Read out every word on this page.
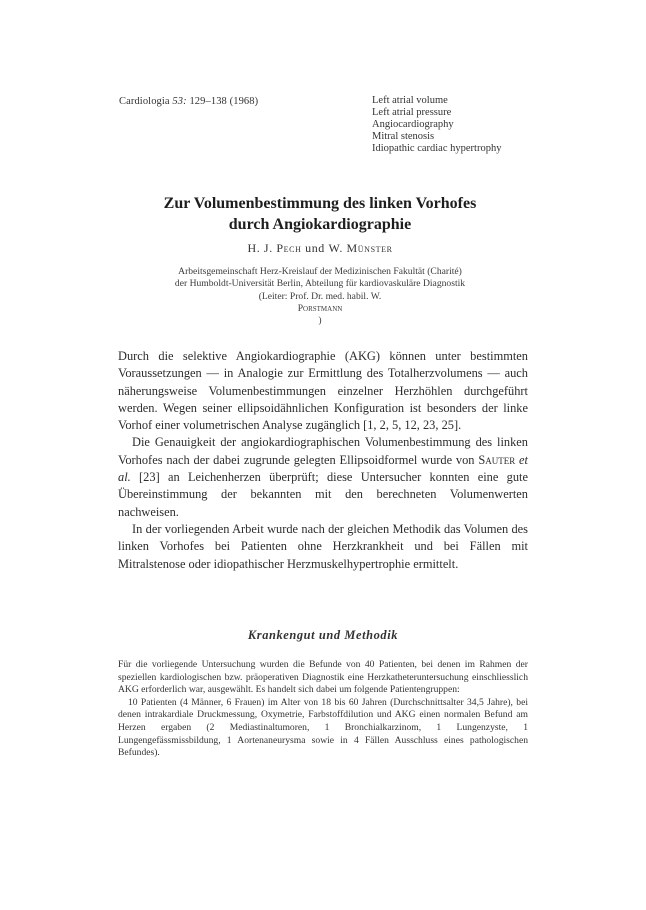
Cardiologia 53: 129–138 (1968)	Left atrial volume
Left atrial pressure
Angiocardiography
Mitral stenosis
Idiopathic cardiac hypertrophy
Zur Volumenbestimmung des linken Vorhofes
durch Angiokardiographie
H. J. Pech und W. Münster
Arbeitsgemeinschaft Herz-Kreislauf der Medizinischen Fakultät (Charité)
der Humboldt-Universität Berlin, Abteilung für kardiovaskuläre Diagnostik
(Leiter: Prof. Dr. med. habil. W.
Porstmann
)

Durch die selektive Angiokardiographie (AKG) können unter bestimmten Voraussetzungen — in Analogie zur Ermittlung des Totalherzvolumens — auch näherungsweise Volumenbestimmungen einzelner Herzhöhlen durchgeführt werden. Wegen seiner ellipsoidähnlichen Konfiguration ist besonders der linke Vorhof einer volumetrischen Analyse zugänglich [1, 2, 5, 12, 23, 25].

Die Genauigkeit der angiokardiographischen Volumenbestimmung des linken Vorhofes nach der dabei zugrunde gelegten Ellipsoidformel wurde von Sauter et al. [23] an Leichenherzen überprüft; diese Untersucher konnten eine gute Übereinstimmung der bekannten mit den berechneten Volumenwerten nachweisen.

In der vorliegenden Arbeit wurde nach der gleichen Methodik das Volumen des linken Vorhofes bei Patienten ohne Herzkrankheit und bei Fällen mit Mitralstenose oder idiopathischer Herzmuskelhypertrophie ermittelt.

Krankengut und Methodik

Für die vorliegende Untersuchung wurden die Befunde von 40 Patienten, bei denen im Rahmen der speziellen kardiologischen bzw. präoperativen Diagnostik eine Herzkatheteruntersuchung einschliesslich AKG erforderlich war, ausgewählt. Es handelt sich dabei um folgende Patientengruppen:

10 Patienten (4 Männer, 6 Frauen) im Alter von 18 bis 60 Jahren (Durchschnittsalter 34,5 Jahre), bei denen intrakardiale Druckmessung, Oxymetrie, Farbstoffdilution und AKG einen normalen Befund am Herzen ergaben (2 Mediastinaltumoren, 1 Bronchialkarzinom, 1 Lungenzyste, 1 Lungengefässmissbildung, 1 Aortenaneurysma sowie in 4 Fällen Ausschluss eines pathologischen Befundes).
